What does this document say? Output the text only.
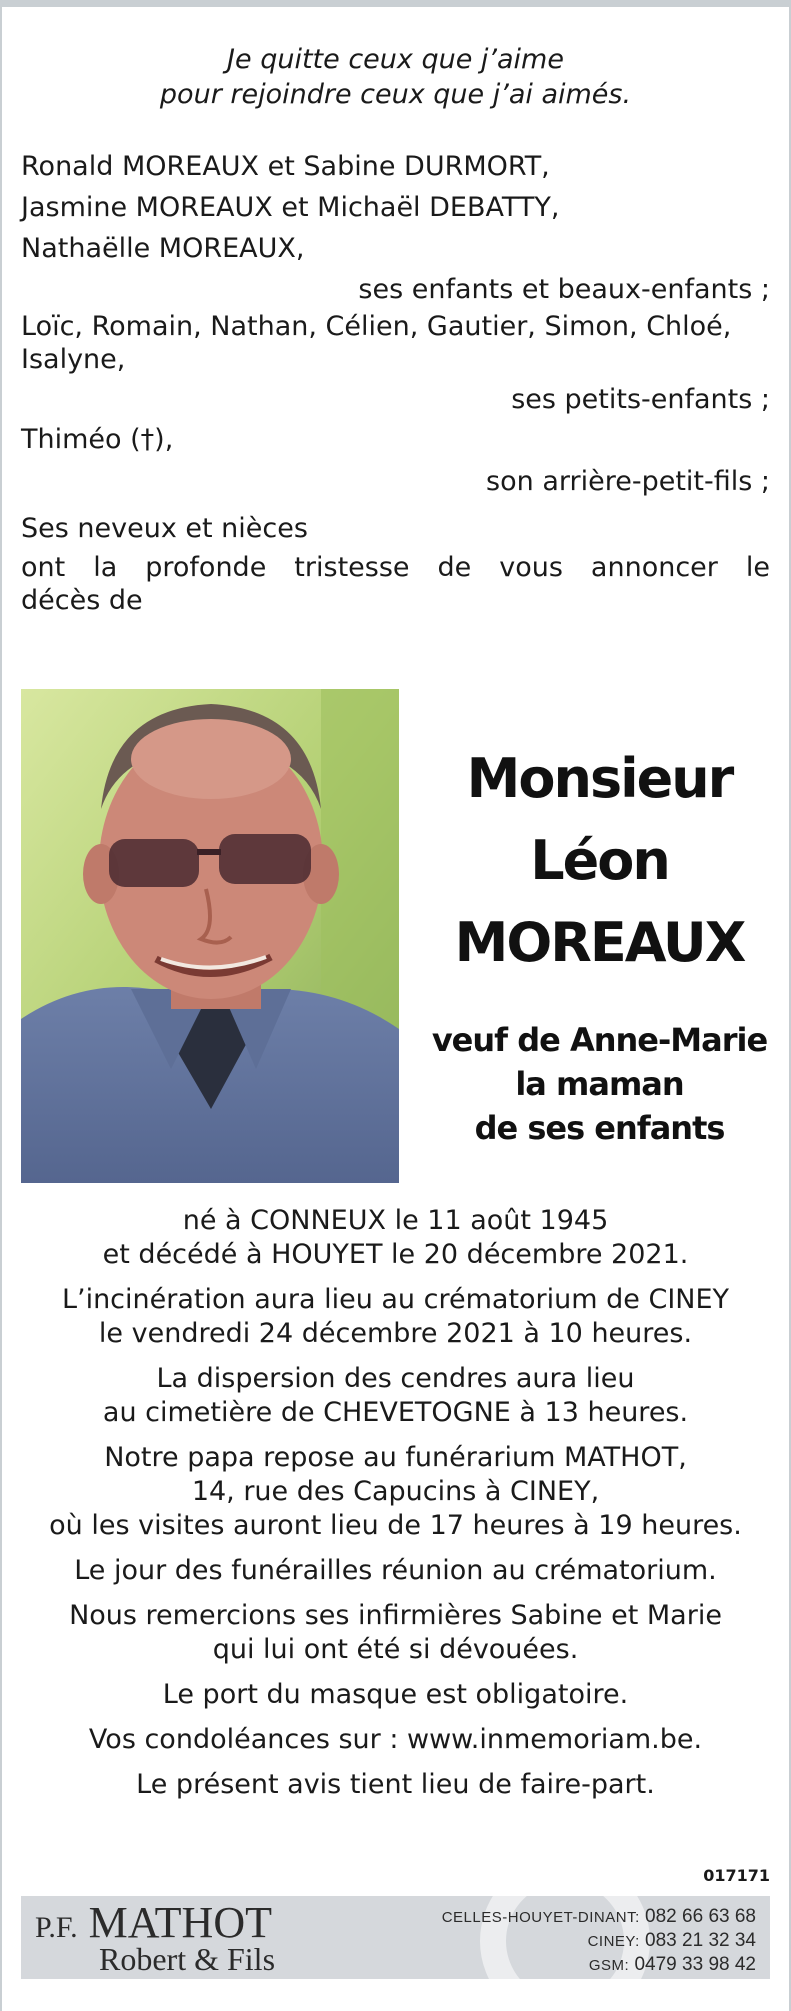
Je quitte ceux que j’aime
pour rejoindre ceux que j’ai aimés.
Ronald MOREAUX et Sabine DURMORT,
Jasmine MOREAUX et Michaël DEBATTY,
Nathaëlle MOREAUX,
ses enfants et beaux-enfants ;
Loïc, Romain, Nathan, Célien, Gautier, Simon, Chloé,
Isalyne,
ses petits-enfants ;
Thiméo (†),
son arrière-petit-fils ;
Ses neveux et nièces
ont la profonde tristesse de vous annoncer le
décès de
Monsieur
Léon
MOREAUX
veuf de Anne-Marie
la maman
de ses enfants
né à CONNEUX le 11 août 1945
et décédé à HOUYET le 20 décembre 2021.
L’incinération aura lieu au crématorium de CINEY
le vendredi 24 décembre 2021 à 10 heures.
La dispersion des cendres aura lieu
au cimetière de CHEVETOGNE à 13 heures.
Notre papa repose au funérarium MATHOT,
14, rue des Capucins à CINEY,
où les visites auront lieu de 17 heures à 19 heures.
Le jour des funérailles réunion au crématorium.
Nous remercions ses infirmières Sabine et Marie
qui lui ont été si dévouées.
Le port du masque est obligatoire.
Vos condoléances sur : www.inmemoriam.be.
Le présent avis tient lieu de faire-part.
017171
P.F. MATHOT
Robert & Fils
CELLES-HOUYET-DINANT: 082 66 63 68
CINEY: 083 21 32 34
GSM: 0479 33 98 42
